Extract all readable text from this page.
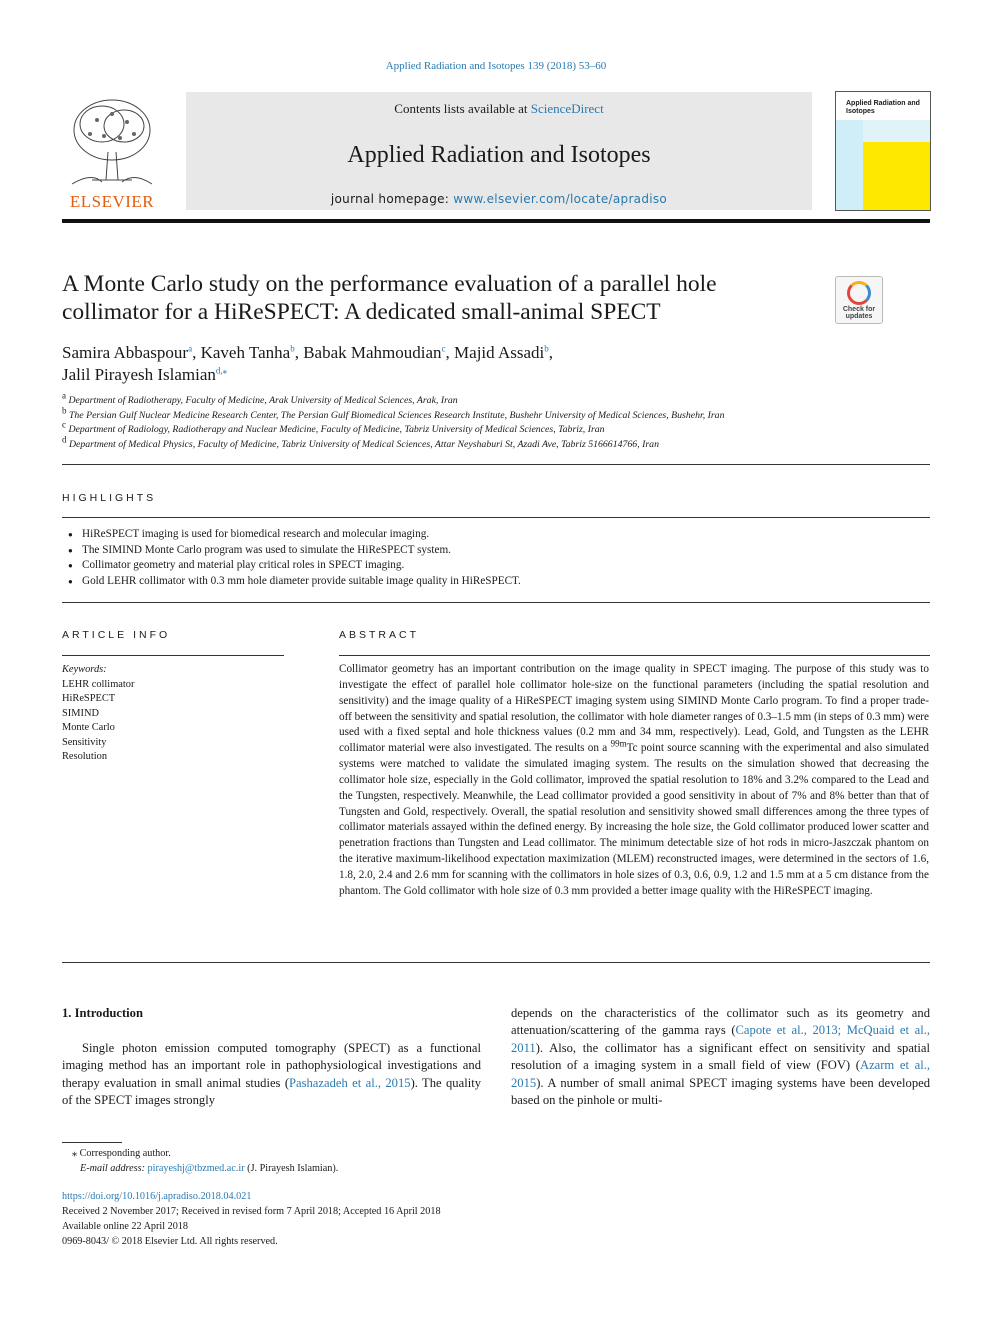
Applied Radiation and Isotopes 139 (2018) 53–60
ELSEVIER
Contents lists available at ScienceDirect
Applied Radiation and Isotopes
journal homepage: www.elsevier.com/locate/apradiso
Applied Radiation and Isotopes
A Monte Carlo study on the performance evaluation of a parallel hole collimator for a HiReSPECT: A dedicated small-animal SPECT	Check for
updates
Samira Abbaspour$^a$, Kaveh Tanha$^b$, Babak Mahmoudian$^c$, Majid Assadi$^b$,
Jalil Pirayesh Islamian$^{d,⁎}$
$^a$ Department of Radiotherapy, Faculty of Medicine, Arak University of Medical Sciences, Arak, Iran
$^b$ The Persian Gulf Nuclear Medicine Research Center, The Persian Gulf Biomedical Sciences Research Institute, Bushehr University of Medical Sciences, Bushehr, Iran
$^c$ Department of Radiology, Radiotherapy and Nuclear Medicine, Faculty of Medicine, Tabriz University of Medical Sciences, Tabriz, Iran
$^d$ Department of Medical Physics, Faculty of Medicine, Tabriz University of Medical Sciences, Attar Neyshaburi St, Azadi Ave, Tabriz 5166614766, Iran
HIGHLIGHTS
● HiReSPECT imaging is used for biomedical research and molecular imaging.
● The SIMIND Monte Carlo program was used to simulate the HiReSPECT system.
● Collimator geometry and material play critical roles in SPECT imaging.
● Gold LEHR collimator with 0.3 mm hole diameter provide suitable image quality in HiReSPECT.
ARTICLE INFO
Keywords:
LEHR collimator
HiReSPECT
SIMIND
Monte Carlo
Sensitivity
Resolution
ABSTRACT
Collimator geometry has an important contribution on the image quality in SPECT imaging. The purpose of this study was to investigate the effect of parallel hole collimator hole-size on the functional parameters (including the spatial resolution and sensitivity) and the image quality of a HiReSPECT imaging system using SIMIND Monte Carlo program. To find a proper trade-off between the sensitivity and spatial resolution, the collimator with hole diameter ranges of 0.3–1.5 mm (in steps of 0.3 mm) were used with a fixed septal and hole thickness values (0.2 mm and 34 mm, respectively). Lead, Gold, and Tungsten as the LEHR collimator material were also investigated. The results on a $^{99m}$Tc point source scanning with the experimental and also simulated systems were matched to validate the simulated imaging system. The results on the simulation showed that decreasing the collimator hole size, especially in the Gold collimator, improved the spatial resolution to 18% and 3.2% compared to the Lead and the Tungsten, respectively. Meanwhile, the Lead collimator provided a good sensitivity in about of 7% and 8% better than that of Tungsten and Gold, respectively. Overall, the spatial resolution and sensitivity showed small differences among the three types of collimator materials assayed within the defined energy. By increasing the hole size, the Gold collimator produced lower scatter and penetration fractions than Tungsten and Lead collimator. The minimum detectable size of hot rods in micro-Jaszczak phantom on the iterative maximum-likelihood expectation maximization (MLEM) reconstructed images, were determined in the sectors of 1.6, 1.8, 2.0, 2.4 and 2.6 mm for scanning with the collimators in hole sizes of 0.3, 0.6, 0.9, 1.2 and 1.5 mm at a 5 cm distance from the phantom. The Gold collimator with hole size of 0.3 mm provided a better image quality with the HiReSPECT imaging.
1. Introduction
Single photon emission computed tomography (SPECT) as a functional imaging method has an important role in pathophysiological investigations and therapy evaluation in small animal studies (Pashazadeh et al., 2015). The quality of the SPECT images strongly
depends on the characteristics of the collimator such as its geometry and attenuation/scattering of the gamma rays (Capote et al., 2013; McQuaid et al., 2011). Also, the collimator has a significant effect on sensitivity and spatial resolution of a imaging system in a small field of view (FOV) (Azarm et al., 2015). A number of small animal SPECT imaging systems have been developed based on the pinhole or multi-
⁎ Corresponding author.
E-mail address: pirayeshj@tbzmed.ac.ir (J. Pirayesh Islamian).
https://doi.org/10.1016/j.apradiso.2018.04.021
Received 2 November 2017; Received in revised form 7 April 2018; Accepted 16 April 2018
Available online 22 April 2018
0969-8043/ © 2018 Elsevier Ltd. All rights reserved.
